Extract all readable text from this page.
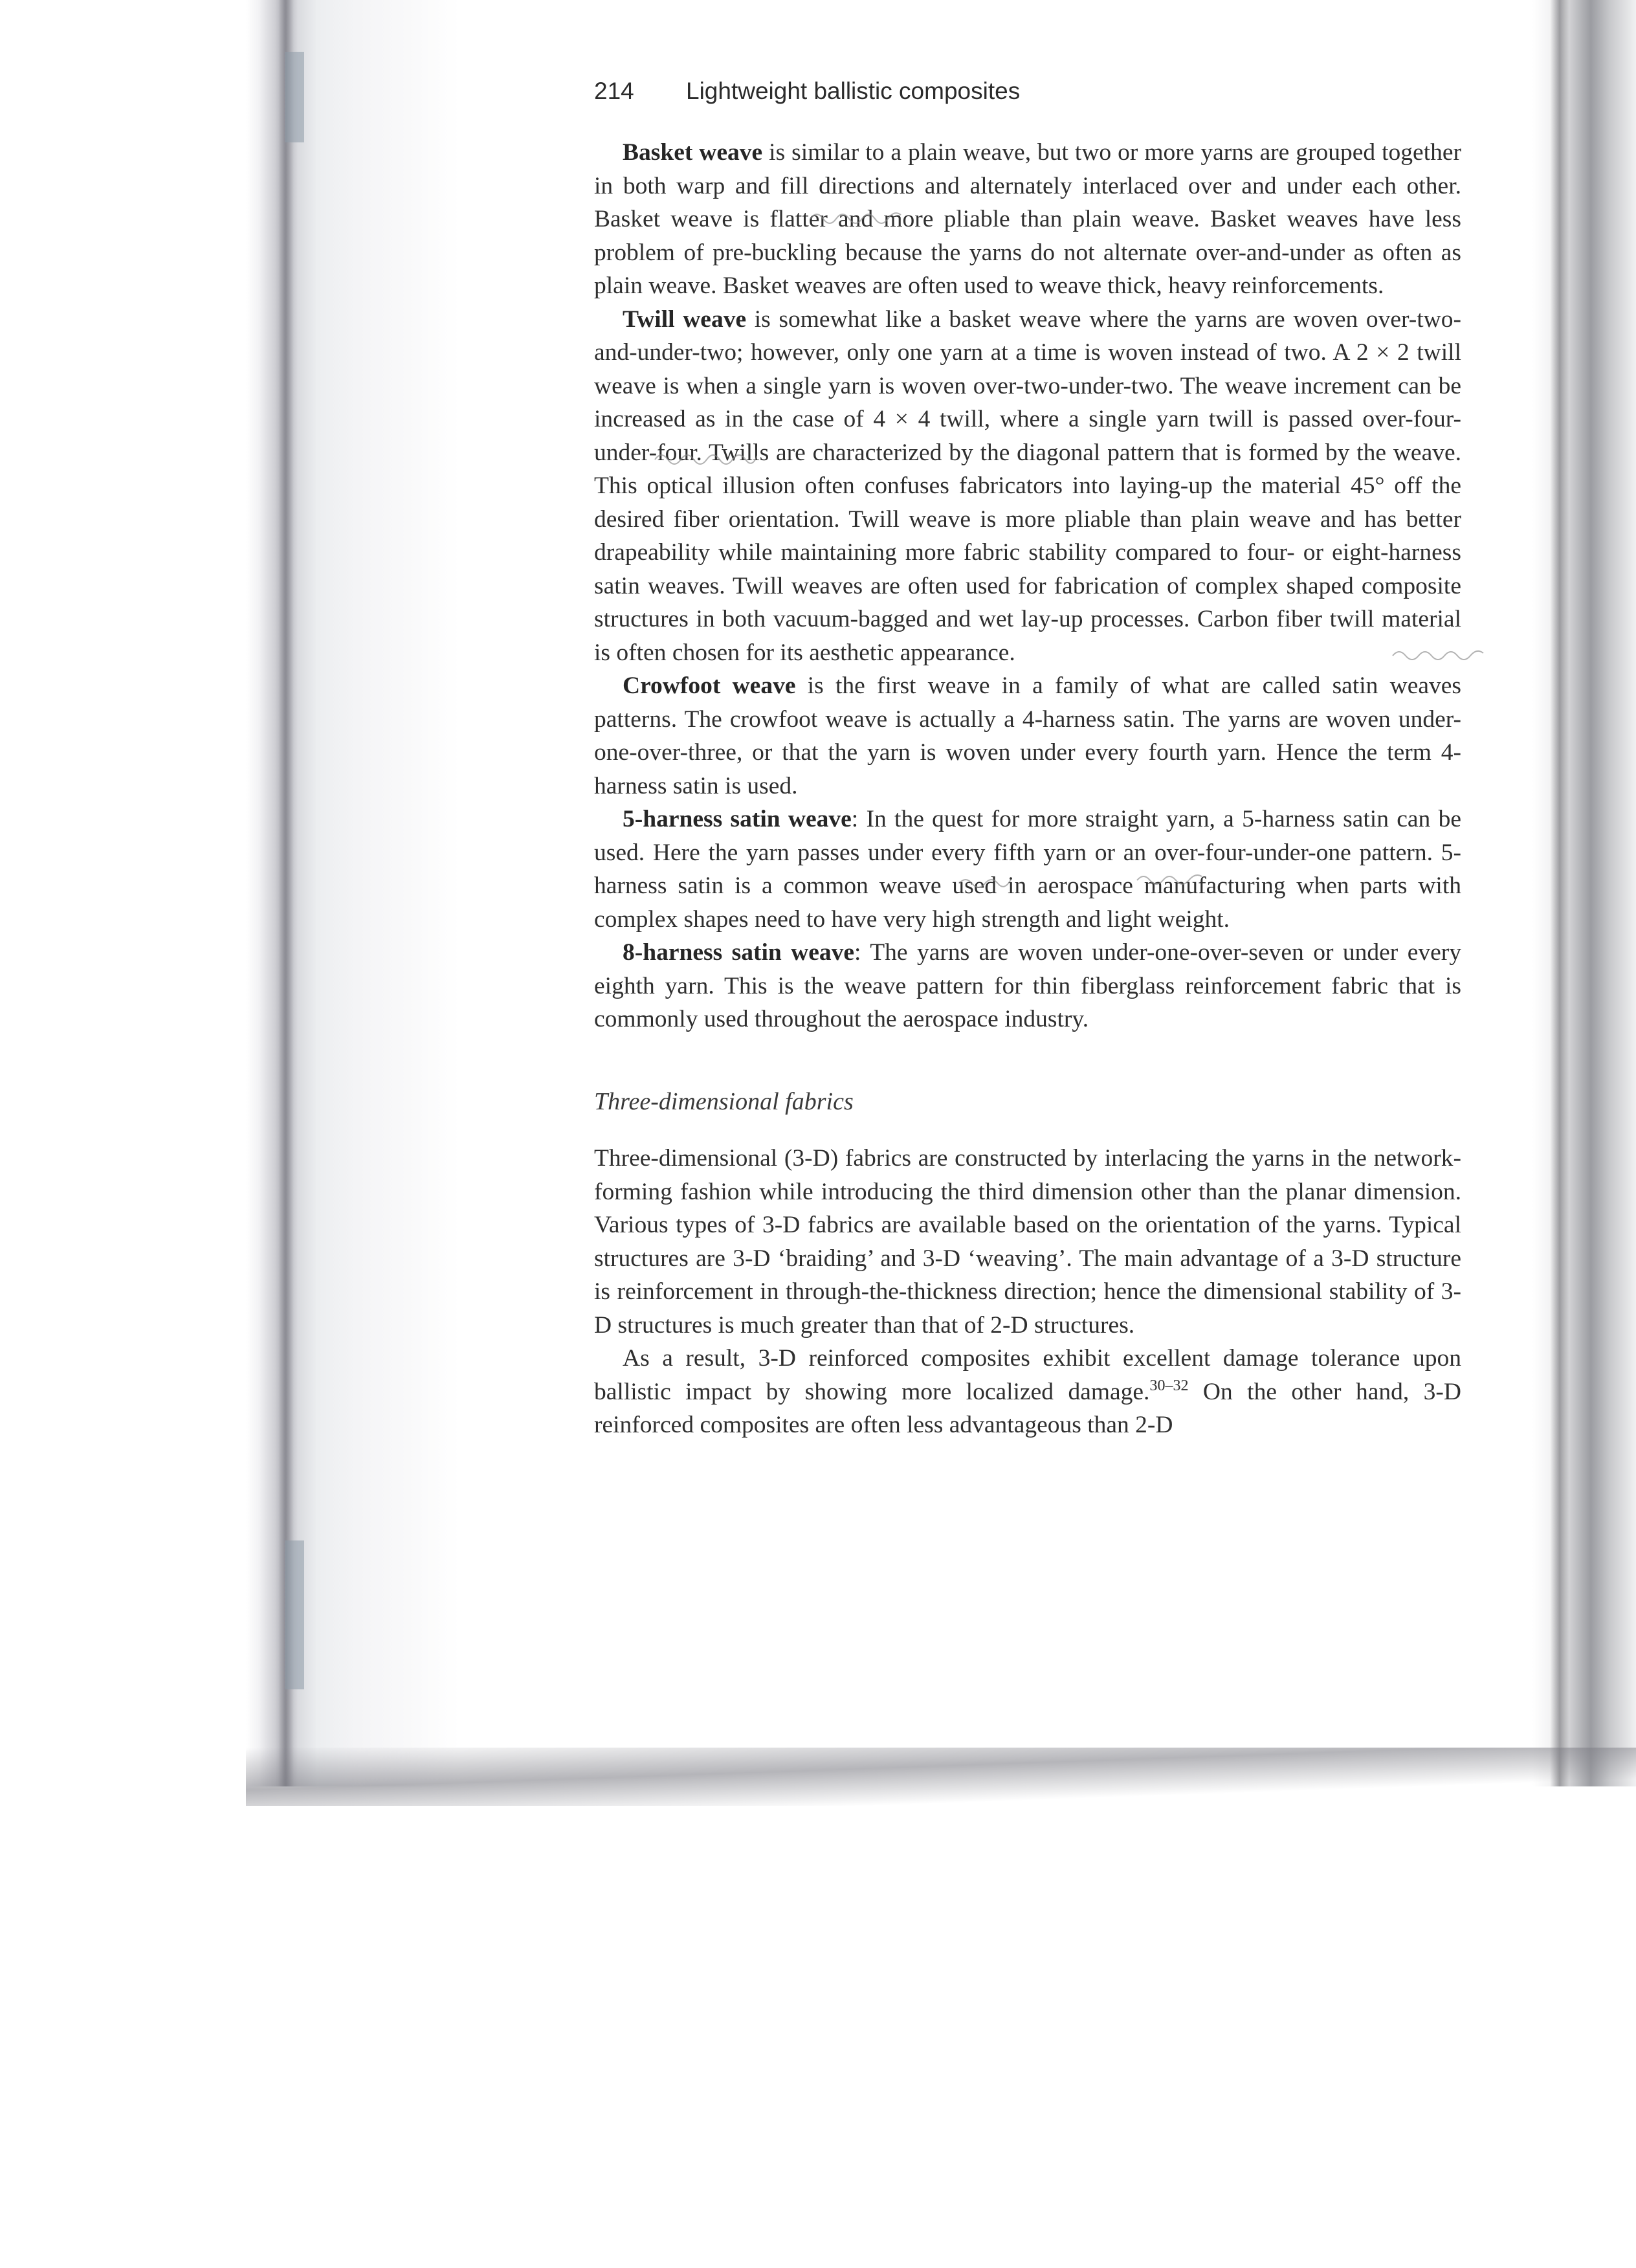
214 Lightweight ballistic composites

Basket weave is similar to a plain weave, but two or more yarns are grouped together in both warp and fill directions and alternately interlaced over and under each other. Basket weave is flatter and more pliable than plain weave. Basket weaves have less problem of pre-buckling because the yarns do not alternate over-and-under as often as plain weave. Basket weaves are often used to weave thick, heavy reinforcements.

Twill weave is somewhat like a basket weave where the yarns are woven over-two-and-under-two; however, only one yarn at a time is woven instead of two. A 2 × 2 twill weave is when a single yarn is woven over-two-under-two. The weave increment can be increased as in the case of 4 × 4 twill, where a single yarn twill is passed over-four-under-four. Twills are characterized by the diagonal pattern that is formed by the weave. This optical illusion often confuses fabricators into laying-up the material 45° off the desired fiber orientation. Twill weave is more pliable than plain weave and has better drapeability while maintaining more fabric stability compared to four- or eight-harness satin weaves. Twill weaves are often used for fabrication of complex shaped composite structures in both vacuum-bagged and wet lay-up processes. Carbon fiber twill material is often chosen for its aesthetic appearance.

Crowfoot weave is the first weave in a family of what are called satin weaves patterns. The crowfoot weave is actually a 4-harness satin. The yarns are woven under-one-over-three, or that the yarn is woven under every fourth yarn. Hence the term 4-harness satin is used.

5-harness satin weave: In the quest for more straight yarn, a 5-harness satin can be used. Here the yarn passes under every fifth yarn or an over-four-under-one pattern. 5-harness satin is a common weave used in aerospace manufacturing when parts with complex shapes need to have very high strength and light weight.

8-harness satin weave: The yarns are woven under-one-over-seven or under every eighth yarn. This is the weave pattern for thin fiberglass reinforcement fabric that is commonly used throughout the aerospace industry.

Three-dimensional fabrics

Three-dimensional (3-D) fabrics are constructed by interlacing the yarns in the network-forming fashion while introducing the third dimension other than the planar dimension. Various types of 3-D fabrics are available based on the orientation of the yarns. Typical structures are 3-D ‘braiding’ and 3-D ‘weaving’. The main advantage of a 3-D structure is reinforcement in through-the-thickness direction; hence the dimensional stability of 3-D structures is much greater than that of 2-D structures.

As a result, 3-D reinforced composites exhibit excellent damage tolerance upon ballistic impact by showing more localized damage.$^{30-32}$ On the other hand, 3-D reinforced composites are often less advantageous than 2-D
